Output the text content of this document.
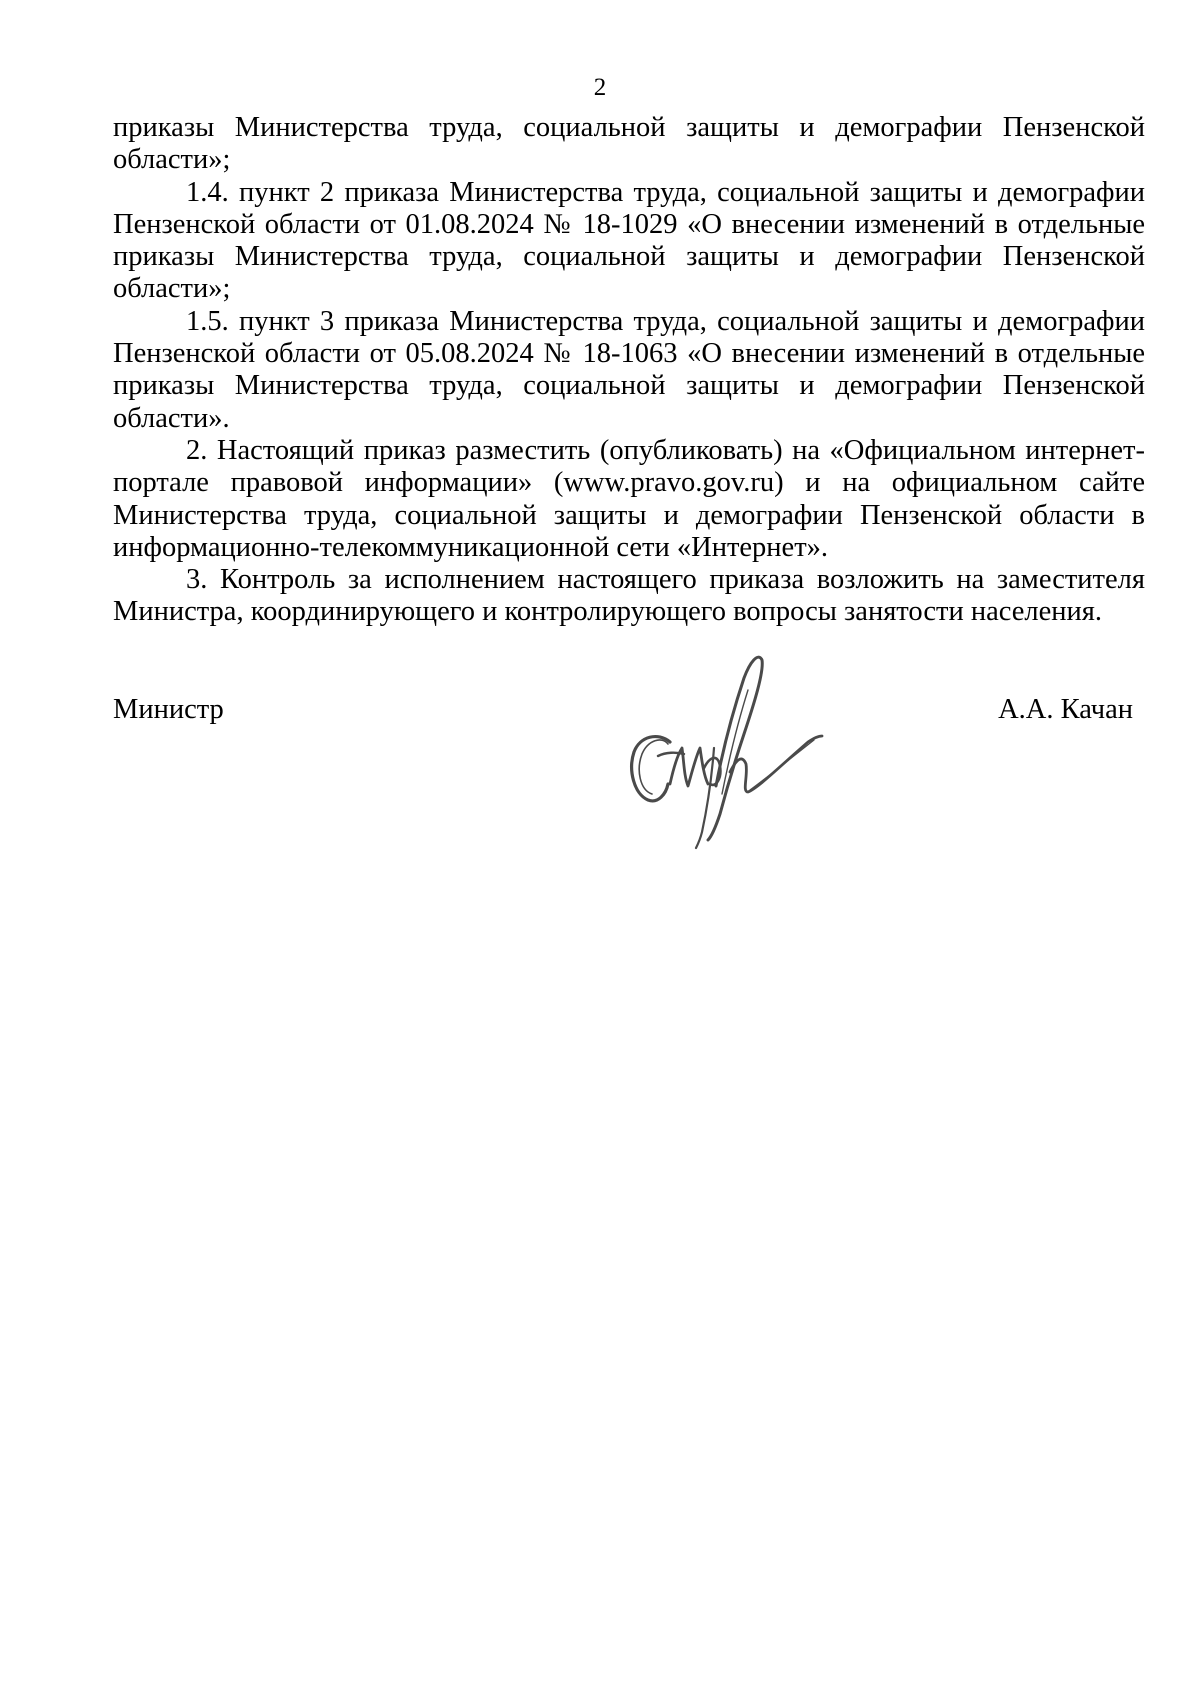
2

приказы Министерства труда, социальной защиты и демографии Пензенской области»;

1.4. пункт 2 приказа Министерства труда, социальной защиты и демографии Пензенской области от 01.08.2024 № 18-1029 «О внесении изменений в отдельные приказы Министерства труда, социальной защиты и демографии Пензенской области»;

1.5. пункт 3 приказа Министерства труда, социальной защиты и демографии Пензенской области от 05.08.2024 № 18-1063 «О внесении изменений в отдельные приказы Министерства труда, социальной защиты и демографии Пензенской области».

2. Настоящий приказ разместить (опубликовать) на «Официальном интернет-портале правовой информации» (www.pravo.gov.ru) и на официальном сайте Министерства труда, социальной защиты и демографии Пензенской области в информационно-телекоммуникационной сети «Интернет».

3. Контроль за исполнением настоящего приказа возложить на заместителя Министра, координирующего и контролирующего вопросы занятости населения.

Министр	А.А. Качан
